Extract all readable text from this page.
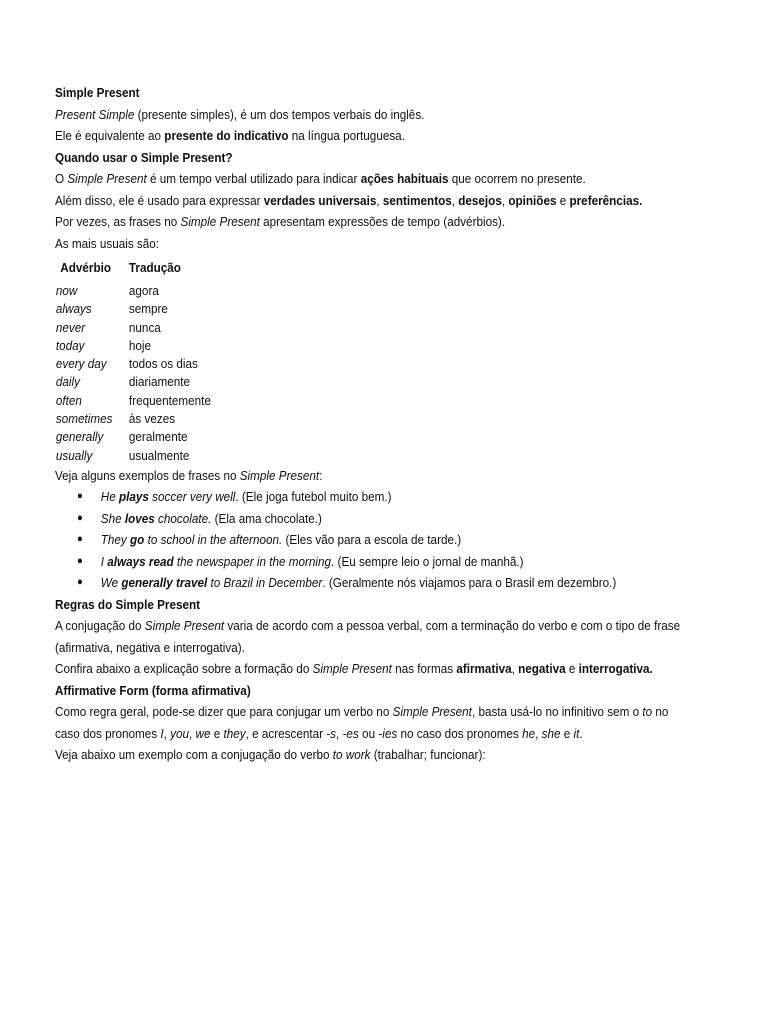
Simple Present
Present Simple (presente simples), é um dos tempos verbais do inglês.
Ele é equivalente ao presente do indicativo na língua portuguesa.
Quando usar o Simple Present?
O Simple Present é um tempo verbal utilizado para indicar ações habituais que ocorrem no presente.
Além disso, ele é usado para expressar verdades universais, sentimentos, desejos, opiniões e preferências.
Por vezes, as frases no Simple Present apresentam expressões de tempo (advérbios).
As mais usuais são:
Advérbio	Tradução
now	agora
always	sempre
never	nunca
today	hoje
every day	todos os dias
daily	diariamente
often	frequentemente
sometimes	às vezes
generally	geralmente
usually	usualmente
Veja alguns exemplos de frases no Simple Present:
● He plays soccer very well. (Ele joga futebol muito bem.)
● She loves chocolate. (Ela ama chocolate.)
● They go to school in the afternoon. (Eles vão para a escola de tarde.)
● I always read the newspaper in the morning. (Eu sempre leio o jornal de manhã.)
● We generally travel to Brazil in December. (Geralmente nós viajamos para o Brasil em dezembro.)
Regras do Simple Present
A conjugação do Simple Present varia de acordo com a pessoa verbal, com a terminação do verbo e com o tipo de frase (afirmativa, negativa e interrogativa).
Confira abaixo a explicação sobre a formação do Simple Present nas formas afirmativa, negativa e interrogativa.
Affirmative Form (forma afirmativa)
Como regra geral, pode-se dizer que para conjugar um verbo no Simple Present, basta usá-lo no infinitivo sem o to no caso dos pronomes I, you, we e they, e acrescentar -s, -es ou -ies no caso dos pronomes he, she e it.
Veja abaixo um exemplo com a conjugação do verbo to work (trabalhar; funcionar):
